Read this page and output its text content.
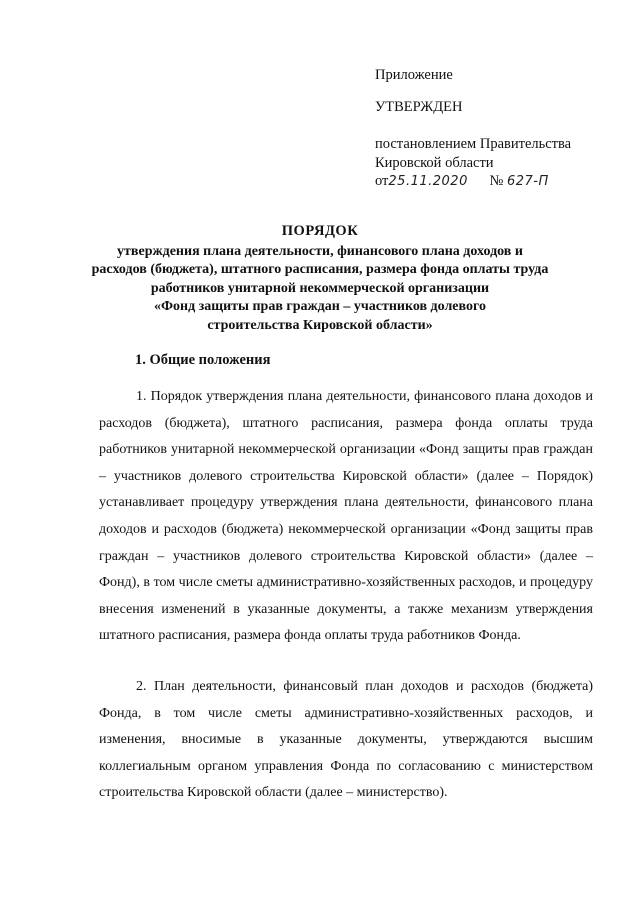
Приложение
УТВЕРЖДЕН
постановлением Правительства
Кировской области
от25.11.2020 № 627-П
ПОРЯДОК
утверждения плана деятельности, финансового плана доходов и
расходов (бюджета), штатного расписания, размера фонда оплаты труда
работников унитарной некоммерческой организации
«Фонд защиты прав граждан – участников долевого
строительства Кировской области»
1. Общие положения

1. Порядок утверждения плана деятельности, финансового плана доходов и расходов (бюджета), штатного расписания, размера фонда оплаты труда работников унитарной некоммерческой организации «Фонд защиты прав граждан – участников долевого строительства Кировской области» (далее – Порядок) устанавливает процедуру утверждения плана деятельности, финансового плана доходов и расходов (бюджета) некоммерческой организации «Фонд защиты прав граждан – участников долевого строительства Кировской области» (далее – Фонд), в том числе сметы административно-хозяйственных расходов, и процедуру внесения изменений в указанные документы, а также механизм утверждения штатного расписания, размера фонда оплаты труда работников Фонда.

2. План деятельности, финансовый план доходов и расходов (бюджета) Фонда, в том числе сметы административно-хозяйственных расходов, и изменения, вносимые в указанные документы, утверждаются высшим коллегиальным органом управления Фонда по согласованию с министерством строительства Кировской области (далее – министерство).
